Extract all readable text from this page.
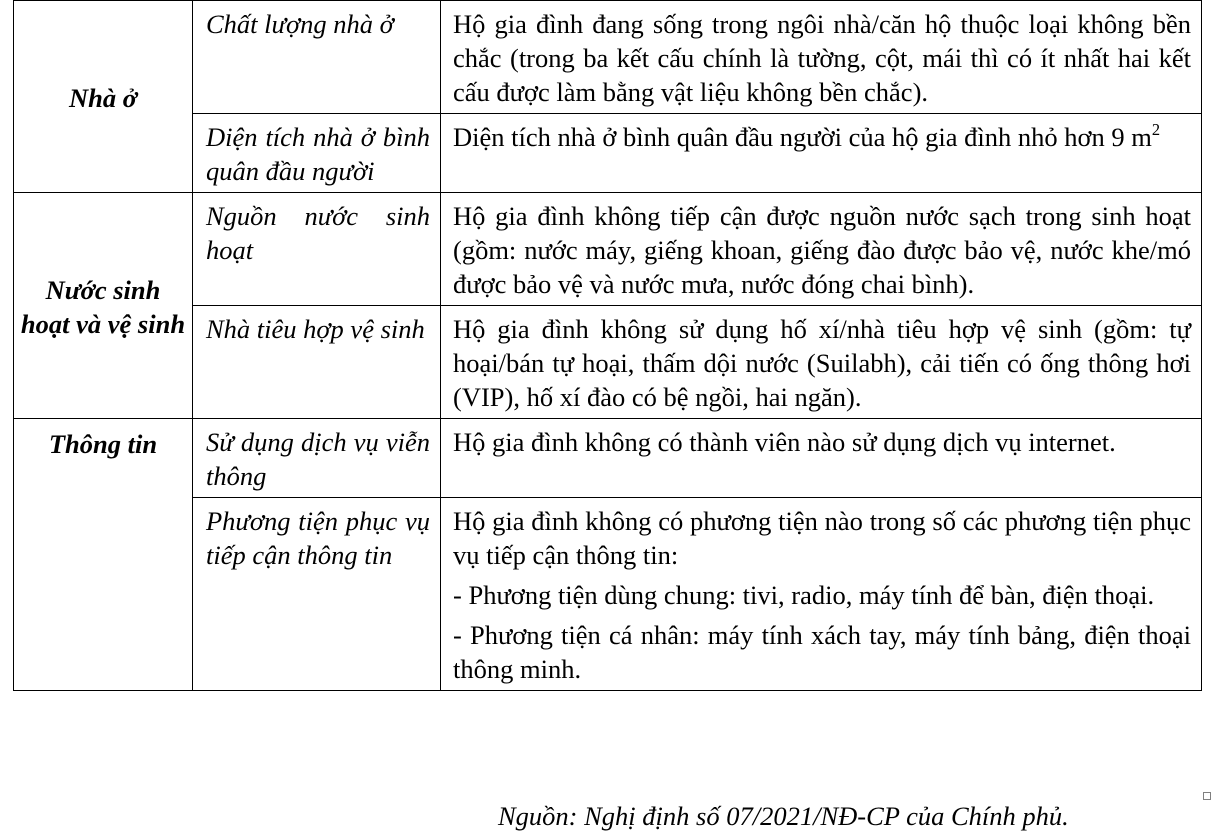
Nhà ở	Chất lượng nhà ở	Hộ gia đình đang sống trong ngôi nhà/căn hộ thuộc loại không bền chắc (trong ba kết cấu chính là tường, cột, mái thì có ít nhất hai kết cấu được làm bằng vật liệu không bền chắc).
	Diện tích nhà ở bình quân đầu người	Diện tích nhà ở bình quân đầu người của hộ gia đình nhỏ hơn 9 $m^2$
Nước sinh hoạt và vệ sinh	Nguồn nước sinh hoạt	Hộ gia đình không tiếp cận được nguồn nước sạch trong sinh hoạt (gồm: nước máy, giếng khoan, giếng đào được bảo vệ, nước khe/mó được bảo vệ và nước mưa, nước đóng chai bình).
	Nhà tiêu hợp vệ sinh	Hộ gia đình không sử dụng hố xí/nhà tiêu hợp vệ sinh (gồm: tự hoại/bán tự hoại, thấm dội nước (Suilabh), cải tiến có ống thông hơi (VIP), hố xí đào có bệ ngồi, hai ngăn).
Thông tin	Sử dụng dịch vụ viễn thông	Hộ gia đình không có thành viên nào sử dụng dịch vụ internet.
	Phương tiện phục vụ tiếp cận thông tin	Hộ gia đình không có phương tiện nào trong số các phương tiện phục vụ tiếp cận thông tin:
- Phương tiện dùng chung: tivi, radio, máy tính để bàn, điện thoại.
- Phương tiện cá nhân: máy tính xách tay, máy tính bảng, điện thoại thông minh.
Nguồn: Nghị định số 07/2021/NĐ-CP của Chính phủ.
